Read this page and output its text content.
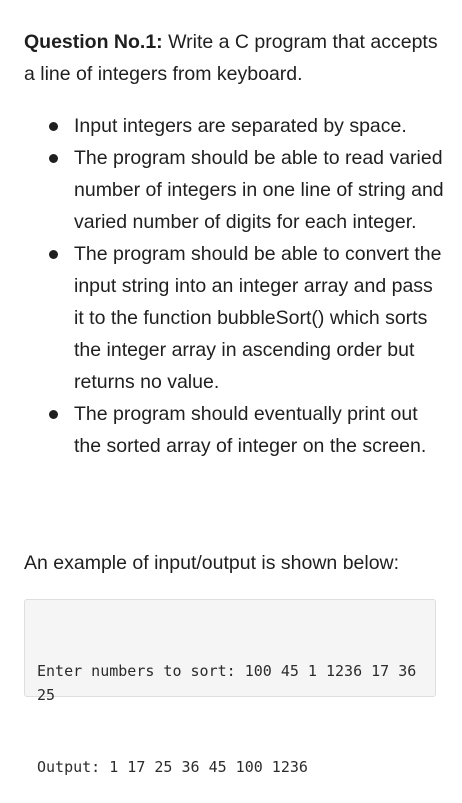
Question No.1: Write a C program that accepts a line of integers from keyboard.

Input integers are separated by space.
The program should be able to read varied number of integers in one line of string and varied number of digits for each integer.
The program should be able to convert the input string into an integer array and pass it to the function bubbleSort() which sorts the integer array in ascending order but returns no value.
The program should eventually print out the sorted array of integer on the screen.

An example of input/output is shown below:

Enter numbers to sort: 100 45 1 1236 17 36 25

Output: 1 17 25 36 45 100 1236
